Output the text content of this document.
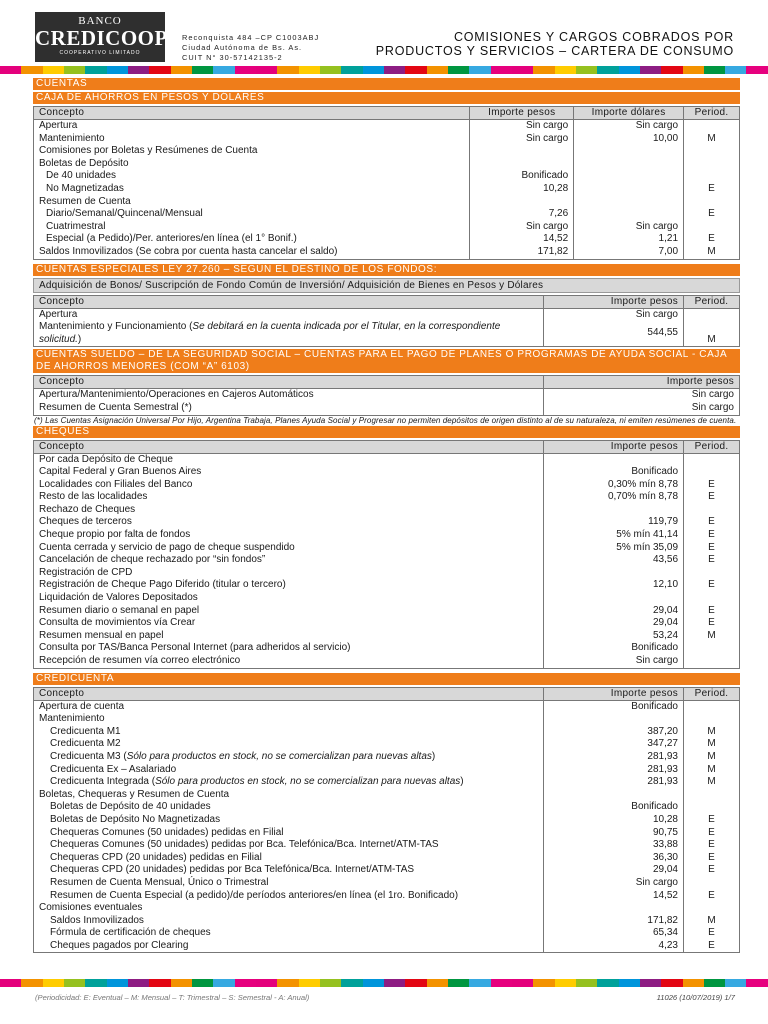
BANCO
CREDICOOP
COOPERATIVO LIMITADO
Reconquista 484 –CP C1003ABJ
Ciudad Autónoma de Bs. As.
CUIT N° 30-57142135-2
COMISIONES Y CARGOS COBRADOS POR
PRODUCTOS Y SERVICIOS – CARTERA DE CONSUMO
CUENTAS
CAJA DE AHORROS EN PESOS Y DÓLARES
Concepto	Importe pesos	Importe dólares	Period.
Apertura	Sin cargo	Sin cargo	
Mantenimiento	Sin cargo	10,00	M
Comisiones por Boletas y Resúmenes de Cuenta			
Boletas de Depósito			
De 40 unidades	Bonificado		
No Magnetizadas	10,28		E
Resumen de Cuenta			
Diario/Semanal/Quincenal/Mensual	7,26		E
Cuatrimestral	Sin cargo	Sin cargo	
Especial (a Pedido)/Per. anteriores/en línea (el 1° Bonif.)	14,52	1,21	E
Saldos Inmovilizados (Se cobra por cuenta hasta cancelar el saldo)	171,82	7,00	M
CUENTAS ESPECIALES LEY 27.260 – SEGÚN EL DESTINO DE LOS FONDOS:
Adquisición de Bonos/ Suscripción de Fondo Común de Inversión/ Adquisición de Bienes en Pesos y Dólares
Concepto	Importe pesos	Period.
Apertura	Sin cargo	
Mantenimiento y Funcionamiento (Se debitará en la cuenta indicada por el Titular, en la correspondiente solicitud.)	544,55	M
CUENTAS SUELDO – DE LA SEGURIDAD SOCIAL – CUENTAS PARA EL PAGO DE PLANES O PROGRAMAS DE AYUDA SOCIAL - CAJA DE AHORROS MENORES (COM “A” 6103)
Concepto	Importe pesos
Apertura/Mantenimiento/Operaciones en Cajeros Automáticos	Sin cargo
Resumen de Cuenta Semestral (*)	Sin cargo
(*) Las Cuentas Asignación Universal Por Hijo, Argentina Trabaja, Planes Ayuda Social y Progresar no permiten depósitos de origen distinto al de su naturaleza, ni emiten resúmenes de cuenta.
CHEQUES
Concepto	Importe pesos	Period.
Por cada Depósito de Cheque		
Capital Federal y Gran Buenos Aires	Bonificado	
Localidades con Filiales del Banco	0,30% mín 8,78	E
Resto de las localidades	0,70% mín 8,78	E
Rechazo de Cheques		
Cheques de terceros	119,79	E
Cheque propio por falta de fondos	5% mín 41,14	E
Cuenta cerrada y servicio de pago de cheque suspendido	5% mín 35,09	E
Cancelación de cheque rechazado por “sin fondos”	43,56	E
Registración de CPD		
Registración de Cheque Pago Diferido (titular o tercero)	12,10	E
Liquidación de Valores Depositados		
Resumen diario o semanal en papel	29,04	E
Consulta de movimientos vía Crear	29,04	E
Resumen mensual en papel	53,24	M
Consulta por TAS/Banca Personal Internet (para adheridos al servicio)	Bonificado	
Recepción de resumen vía correo electrónico	Sin cargo	
CREDICUENTA
Concepto	Importe pesos	Period.
Apertura de cuenta	Bonificado	
Mantenimiento		
Credicuenta M1	387,20	M
Credicuenta M2	347,27	M
Credicuenta M3 (Sólo para productos en stock, no se comercializan para nuevas altas)	281,93	M
Credicuenta Ex – Asalariado	281,93	M
Credicuenta Integrada (Sólo para productos en stock, no se comercializan para nuevas altas)	281,93	M
Boletas, Chequeras y Resumen de Cuenta		
Boletas de Depósito de 40 unidades	Bonificado	
Boletas de Depósito No Magnetizadas	10,28	E
Chequeras Comunes (50 unidades) pedidas en Filial	90,75	E
Chequeras Comunes (50 unidades) pedidas por Bca. Telefónica/Bca. Internet/ATM-TAS	33,88	E
Chequeras CPD (20 unidades) pedidas en Filial	36,30	E
Chequeras CPD (20 unidades) pedidas por Bca Telefónica/Bca. Internet/ATM-TAS	29,04	E
Resumen de Cuenta Mensual, Único o Trimestral	Sin cargo	
Resumen de Cuenta Especial (a pedido)/de períodos anteriores/en línea (el 1ro. Bonificado)	14,52	E
Comisiones eventuales		
Saldos Inmovilizados	171,82	M
Fórmula de certificación de cheques	65,34	E
Cheques pagados por Clearing	4,23	E
(Periodicidad: E: Eventual – M: Mensual – T: Trimestral – S: Semestral - A: Anual)	11026 (10/07/2019) 1/7
